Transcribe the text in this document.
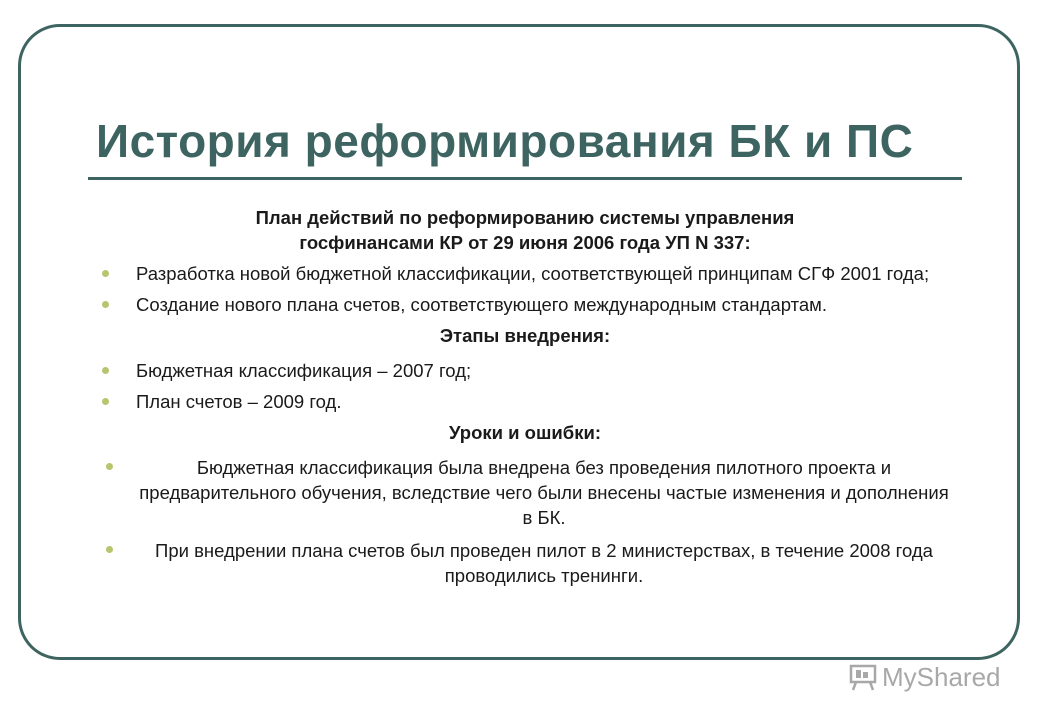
История реформирования БК и ПС
План действий по реформированию системы управления
госфинансами КР от 29 июня 2006 года УП N 337:
Разработка новой бюджетной классификации, соответствующей принципам СГФ 2001 года;
Создание нового плана счетов, соответствующего международным стандартам.
Этапы внедрения:
Бюджетная классификация – 2007 год;
План счетов – 2009 год.
Уроки и ошибки:
Бюджетная классификация была внедрена без проведения пилотного проекта и предварительного обучения, вследствие чего были внесены частые изменения и дополнения в БК.
При внедрении плана счетов был проведен пилот в 2 министерствах, в течение 2008 года проводились тренинги.
MyShared
